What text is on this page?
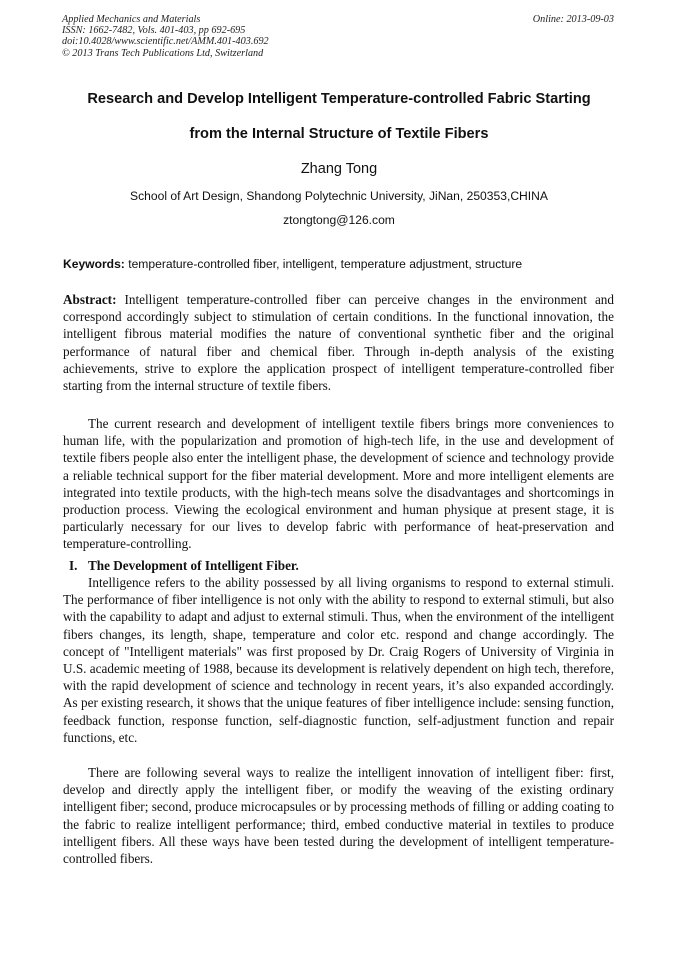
Applied Mechanics and Materials
ISSN: 1662-7482, Vols. 401-403, pp 692-695
doi:10.4028/www.scientific.net/AMM.401-403.692
© 2013 Trans Tech Publications Ltd, Switzerland
Online: 2013-09-03
Research and Develop Intelligent Temperature-controlled Fabric Starting
from the Internal Structure of Textile Fibers
Zhang Tong
School of Art Design, Shandong Polytechnic University, JiNan, 250353,CHINA
ztongtong@126.com
Keywords: temperature-controlled fiber, intelligent, temperature adjustment, structure
Abstract: Intelligent temperature-controlled fiber can perceive changes in the environment and correspond accordingly subject to stimulation of certain conditions. In the functional innovation, the intelligent fibrous material modifies the nature of conventional synthetic fiber and the original performance of natural fiber and chemical fiber. Through in-depth analysis of the existing achievements, strive to explore the application prospect of intelligent temperature-controlled fiber starting from the internal structure of textile fibers.
The current research and development of intelligent textile fibers brings more conveniences to human life, with the popularization and promotion of high-tech life, in the use and development of textile fibers people also enter the intelligent phase, the development of science and technology provide a reliable technical support for the fiber material development. More and more intelligent elements are integrated into textile products, with the high-tech means solve the disadvantages and shortcomings in production process. Viewing the ecological environment and human physique at present stage, it is particularly necessary for our lives to develop fabric with performance of heat-preservation and temperature-controlling.
I. The Development of Intelligent Fiber.
Intelligence refers to the ability possessed by all living organisms to respond to external stimuli. The performance of fiber intelligence is not only with the ability to respond to external stimuli, but also with the capability to adapt and adjust to external stimuli. Thus, when the environment of the intelligent fibers changes, its length, shape, temperature and color etc. respond and change accordingly. The concept of "Intelligent materials" was first proposed by Dr. Craig Rogers of University of Virginia in U.S. academic meeting of 1988, because its development is relatively dependent on high tech, therefore, with the rapid development of science and technology in recent years, it’s also expanded accordingly. As per existing research, it shows that the unique features of fiber intelligence include: sensing function, feedback function, response function, self-diagnostic function, self-adjustment function and repair functions, etc.
There are following several ways to realize the intelligent innovation of intelligent fiber: first, develop and directly apply the intelligent fiber, or modify the weaving of the existing ordinary intelligent fiber; second, produce microcapsules or by processing methods of filling or adding coating to the fabric to realize intelligent performance; third, embed conductive material in textiles to produce intelligent fibers. All these ways have been tested during the development of intelligent temperature-controlled fibers.
